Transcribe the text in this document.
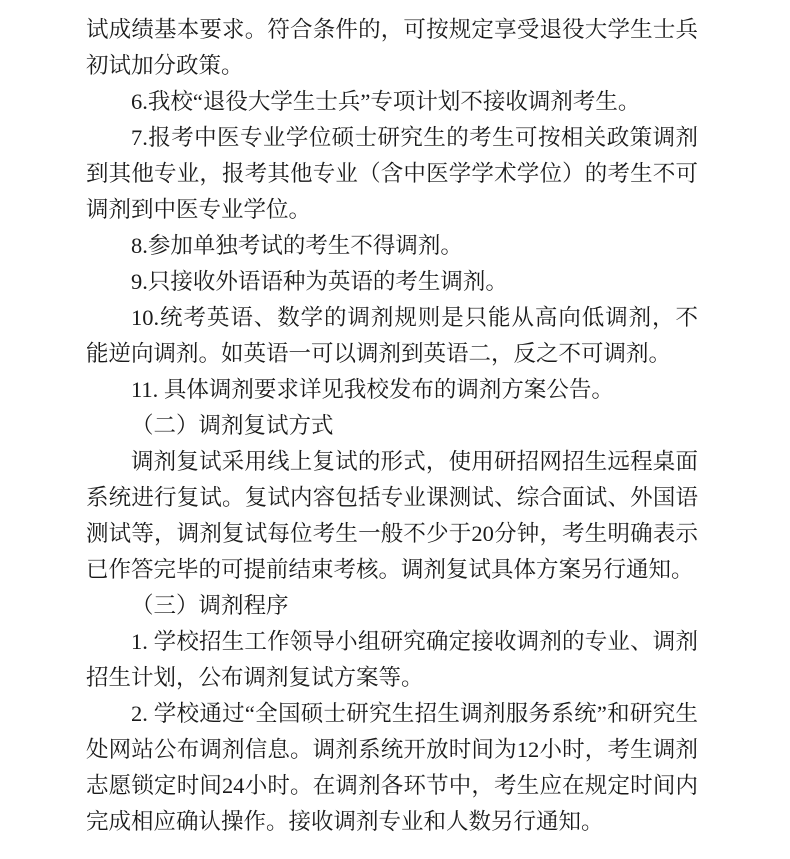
试成绩基本要求。符合条件的，可按规定享受退役大学生士兵初试加分政策。

6.我校“退役大学生士兵”专项计划不接收调剂考生。

7.报考中医专业学位硕士研究生的考生可按相关政策调剂到其他专业，报考其他专业（含中医学学术学位）的考生不可调剂到中医专业学位。

8.参加单独考试的考生不得调剂。

9.只接收外语语种为英语的考生调剂。

10.统考英语、数学的调剂规则是只能从高向低调剂，不能逆向调剂。如英语一可以调剂到英语二，反之不可调剂。

11. 具体调剂要求详见我校发布的调剂方案公告。

（二）调剂复试方式

调剂复试采用线上复试的形式，使用研招网招生远程桌面系统进行复试。复试内容包括专业课测试、综合面试、外国语测试等，调剂复试每位考生一般不少于20分钟，考生明确表示已作答完毕的可提前结束考核。调剂复试具体方案另行通知。

（三）调剂程序

1. 学校招生工作领导小组研究确定接收调剂的专业、调剂招生计划，公布调剂复试方案等。

2. 学校通过“全国硕士研究生招生调剂服务系统”和研究生处网站公布调剂信息。调剂系统开放时间为12小时，考生调剂志愿锁定时间24小时。在调剂各环节中，考生应在规定时间内完成相应确认操作。接收调剂专业和人数另行通知。
